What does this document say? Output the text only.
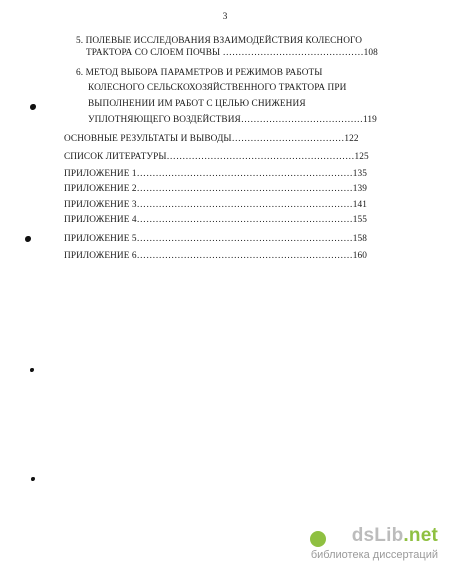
3
5. ПОЛЕВЫЕ ИССЛЕДОВАНИЯ ВЗАИМОДЕЙСТВИЯ КОЛЕСНОГО
ТРАКТОРА СО СЛОЕМ ПОЧВЫ ………………………………………108
6. МЕТОД ВЫБОРА ПАРАМЕТРОВ И РЕЖИМОВ РАБОТЫ
КОЛЕСНОГО СЕЛЬСКОХОЗЯЙСТВЕННОГО ТРАКТОРА ПРИ
ВЫПОЛНЕНИИ ИМ РАБОТ С ЦЕЛЬЮ СНИЖЕНИЯ
УПЛОТНЯЮЩЕГО ВОЗДЕЙСТВИЯ…………………………………119
ОСНОВНЫЕ РЕЗУЛЬТАТЫ И ВЫВОДЫ………………………………122
СПИСОК ЛИТЕРАТУРЫ……………………………………………………125
ПРИЛОЖЕНИЕ 1……………………………………………………………135
ПРИЛОЖЕНИЕ 2……………………………………………………………139
ПРИЛОЖЕНИЕ 3……………………………………………………………141
ПРИЛОЖЕНИЕ 4……………………………………………………………155
ПРИЛОЖЕНИЕ 5……………………………………………………………158
ПРИЛОЖЕНИЕ 6……………………………………………………………160
dsLib.net
библиотека диссертаций
